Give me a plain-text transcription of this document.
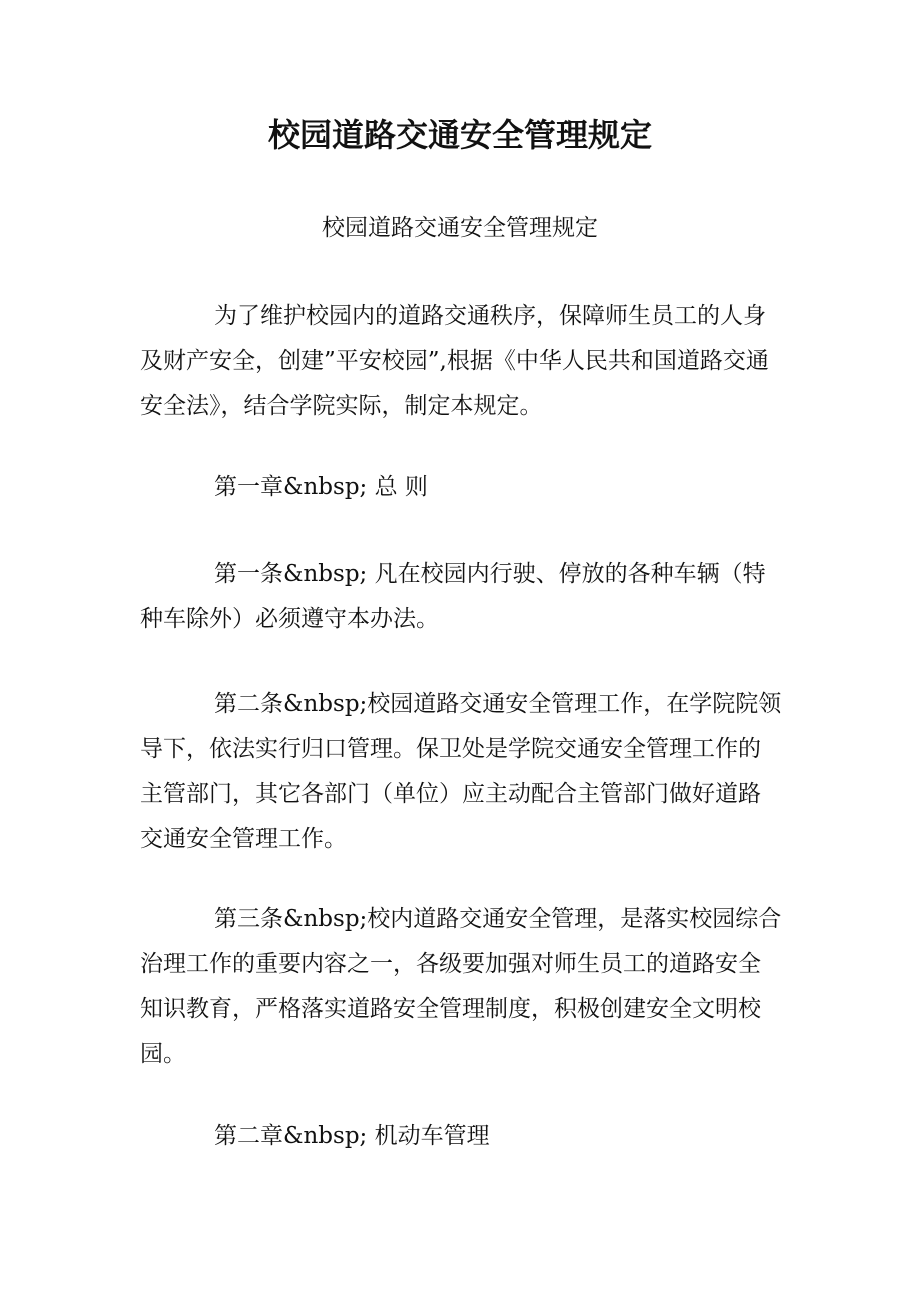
校园道路交通安全管理规定
校园道路交通安全管理规定

为了维护校园内的道路交通秩序，保障师生员工的人身及财产安全，创建”平安校园”,根据《中华人民共和国道路交通安全法》，结合学院实际，制定本规定。

第一章&nbsp; 总 则

第一条&nbsp; 凡在校园内行驶、停放的各种车辆（特种车除外）必须遵守本办法。

第二条&nbsp;校园道路交通安全管理工作，在学院院领导下，依法实行归口管理。保卫处是学院交通安全管理工作的主管部门，其它各部门（单位）应主动配合主管部门做好道路交通安全管理工作。

第三条&nbsp;校内道路交通安全管理，是落实校园综合治理工作的重要内容之一，各级要加强对师生员工的道路安全知识教育，严格落实道路安全管理制度，积极创建安全文明校园。

第二章&nbsp; 机动车管理
